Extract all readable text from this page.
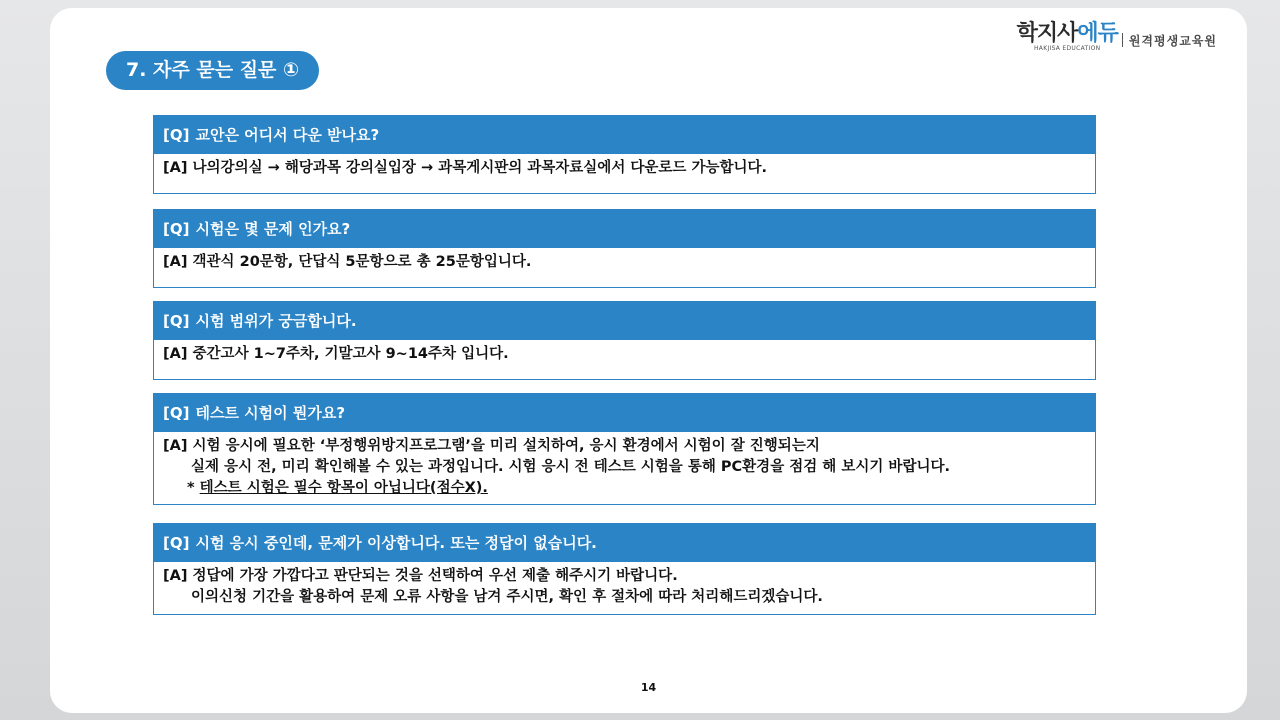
7. 자주 묻는 질문 ①
학지사에듀
HAKJISA EDUCATION
원격평생교육원
[Q] 교안은 어디서 다운 받나요?
[A] 나의강의실 → 해당과목 강의실입장 → 과목게시판의 과목자료실에서 다운로드 가능합니다.
[Q] 시험은 몇 문제 인가요?
[A] 객관식 20문항, 단답식 5문항으로 총 25문항입니다.
[Q] 시험 범위가 궁금합니다.
[A] 중간고사 1~7주차, 기말고사 9~14주차 입니다.
[Q] 테스트 시험이 뭔가요?
[A] 시험 응시에 필요한 ‘부정행위방지프로그램’을 미리 설치하여, 응시 환경에서 시험이 잘 진행되는지
실제 응시 전, 미리 확인해볼 수 있는 과정입니다. 시험 응시 전 테스트 시험을 통해 PC환경을 점검 해 보시기 바랍니다.
* 테스트 시험은 필수 항목이 아닙니다(점수X).
[Q] 시험 응시 중인데, 문제가 이상합니다. 또는 정답이 없습니다.
[A] 정답에 가장 가깝다고 판단되는 것을 선택하여 우선 제출 해주시기 바랍니다.
이의신청 기간을 활용하여 문제 오류 사항을 남겨 주시면, 확인 후 절차에 따라 처리해드리겠습니다.
14
